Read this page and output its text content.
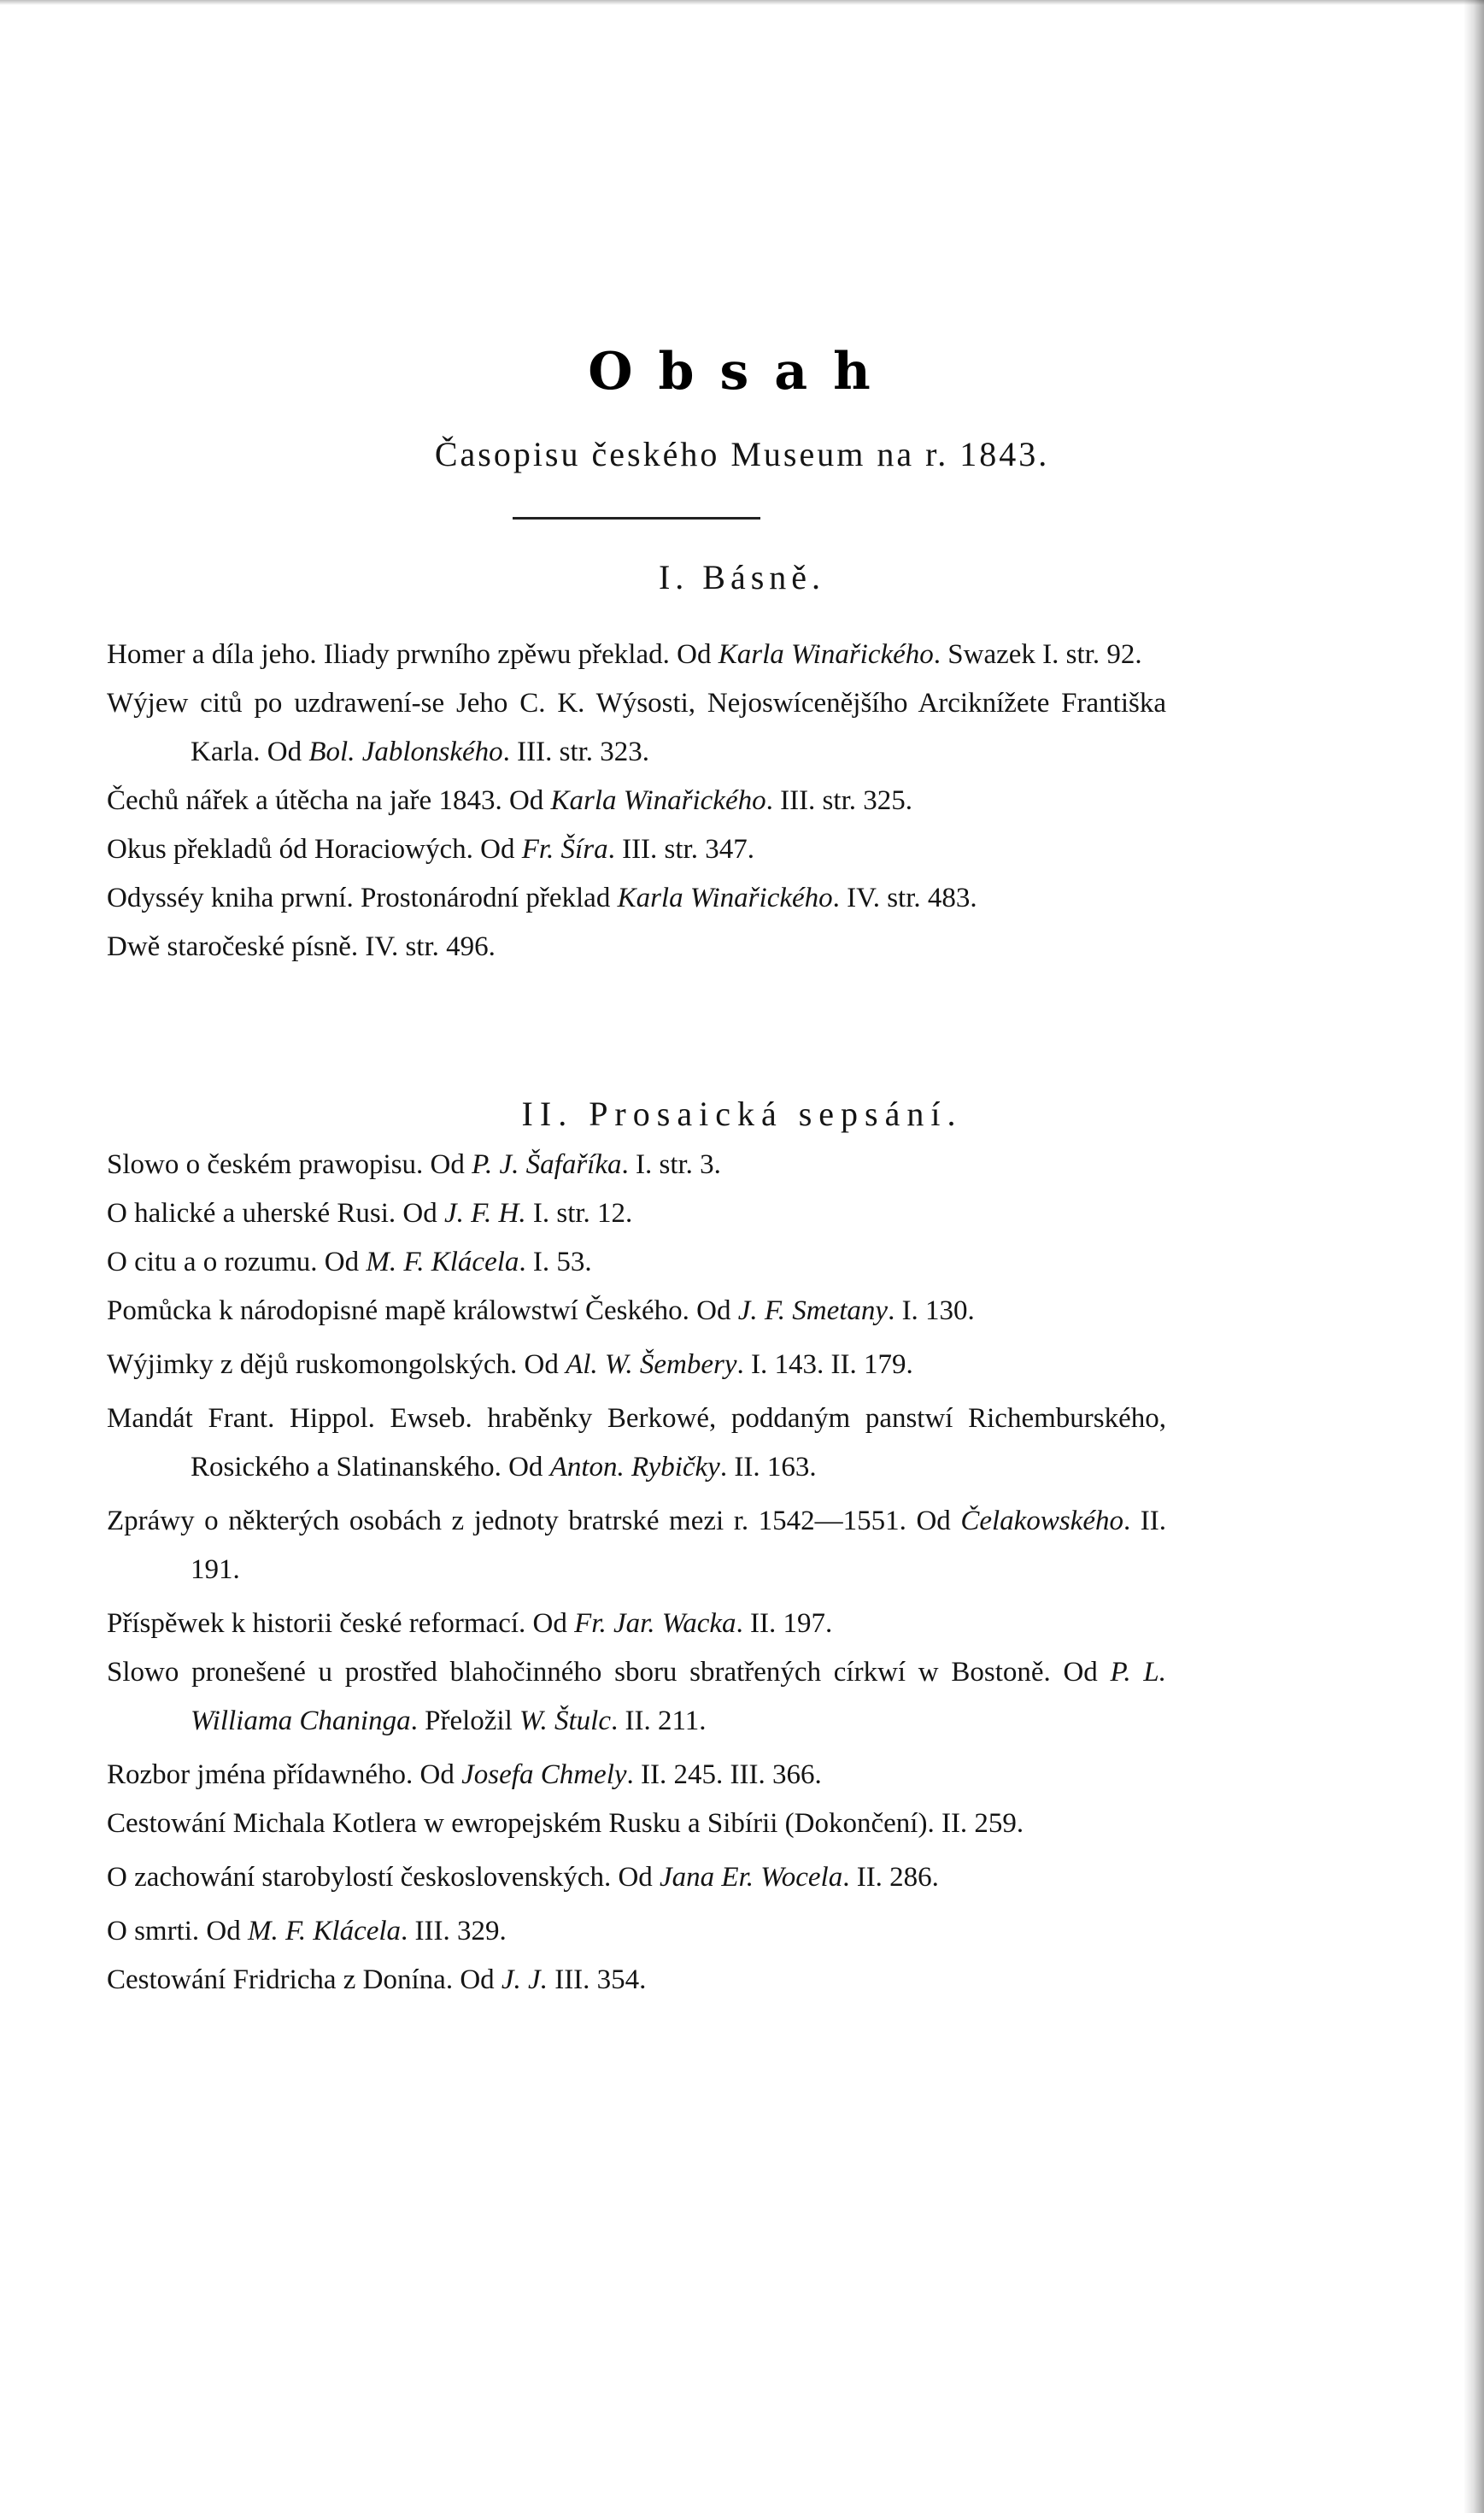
Obsah
Časopisu českého Museum na r. 1843.
I. Básně.
Homer a díla jeho. Iliady prwního zpěwu překlad. Od Karla Winařického. Swazek I. str. 92.
Wýjew citů po uzdrawení-se Jeho C. K. Wýsosti, Nejoswícenějšího Arciknížete Františka Karla. Od Bol. Jablonského. III. str. 323.
Čechů nářek a útěcha na jaře 1843. Od Karla Winařického. III. str. 325.
Okus překladů ód Horaciowých. Od Fr. Šíra. III. str. 347.
Odysséy kniha prwní. Prostonárodní překlad Karla Winařického. IV. str. 483.
Dwě staročeské písně. IV. str. 496.
II. Prosaická sepsání.
Slowo o českém prawopisu. Od P. J. Šafaříka. I. str. 3.
O halické a uherské Rusi. Od J. F. H. I. str. 12.
O citu a o rozumu. Od M. F. Klácela. I. 53.
Pomůcka k národopisné mapě králowstwí Českého. Od J. F. Smetany. I. 130.
Wýjimky z dějů ruskomongolských. Od Al. W. Šembery. I. 143. II. 179.
Mandát Frant. Hippol. Ewseb. hraběnky Berkowé, poddaným panstwí Richemburského, Rosického a Slatinanského. Od Anton. Rybičky. II. 163.
Zpráwy o některých osobách z jednoty bratrské mezi r. 1542—1551. Od Čelakowského. II. 191.
Příspěwek k historii české reformací. Od Fr. Jar. Wacka. II. 197.
Slowo pronešené u prostřed blahočinného sboru sbratřených církwí w Bostoně. Od P. L. Williama Chaninga. Přeložil W. Štulc. II. 211.
Rozbor jména přídawného. Od Josefa Chmely. II. 245. III. 366.
Cestowání Michala Kotlera w ewropejském Rusku a Sibírii (Dokončení). II. 259.
O zachowání starobylostí československých. Od Jana Er. Wocela. II. 286.
O smrti. Od M. F. Klácela. III. 329.
Cestowání Fridricha z Donína. Od J. J. III. 354.
